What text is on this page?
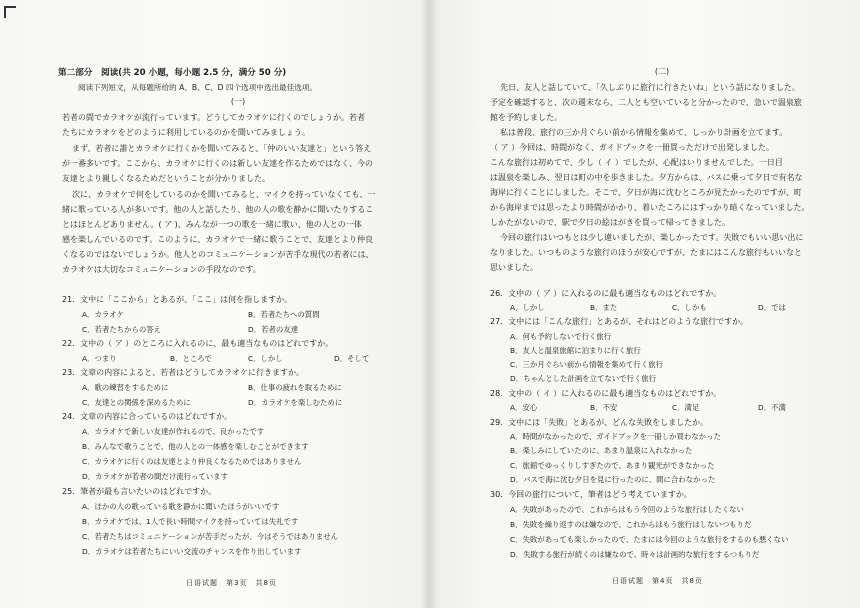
第二部分　阅读(共 20 小题，每小题 2.5 分，满分 50 分)
阅读下列短文，从每题所给的 A、B、C、D 四个选项中选出最佳选项。
(一)
若者の間でカラオケが流行っています。どうしてカラオケに行くのでしょうか。若者
たちにカラオケをどのように利用しているのかを聞いてみましょう。
まず、若者に誰とカラオケに行くかを聞いてみると、「仲のいい友達と」という答え
が一番多いです。ここから、カラオケに行くのは新しい友達を作るためではなく、今の
友達とより親しくなるためだということが分かりました。
次に、カラオケで何をしているのかを聞いてみると、マイクを持っていなくても、一
緒に歌っている人が多いです。他の人と話したり、他の人の歌を静かに聞いたりするこ
とはほとんどありません。( ア )、みんなが一つの歌を一緒に歌い、他の人との一体
感を楽しんでいるのです。このように、カラオケで一緒に歌うことで、友達とより仲良
くなるのではないでしょうか。他人とのコミュニケーションが苦手な現代の若者には、
カラオケは大切なコミュニケーションの手段なのです。
21．文中に「ここから」とあるが、「ここ」は何を指しますか。
A．カラオケ	B．若者たちへの質問
C．若者たちからの答え	D．若者の友達
22．文中の（ ア ）のところに入れるのに、最も適当なものはどれですか。
A．つまり	B．ところで	C．しかし	D．そして
23．文章の内容によると、若者はどうしてカラオケに行きますか。
A．歌の練習をするために	B．仕事の疲れを取るために
C．友達との関係を深めるために	D．カラオケを楽しむために
24．文章の内容に合っているのはどれですか。
A．カラオケで新しい友達が作れるので、良かったです
B．みんなで歌うことで、他の人との一体感を楽しむことができます
C．カラオケに行くのは友達とより仲良くなるためではありません
D．カラオケが若者の間だけ流行っています
25．筆者が最も言いたいのはどれですか。
A．ほかの人の歌っている歌を静かに聞いたほうがいいです
B．カラオケでは、1人で長い時間マイクを持っていては失礼です
C．若者たちはコミュニケーションが苦手だったが、今はそうではありません
D．カラオケは若者たちにいい交流のチャンスを作り出しています
日语试题　第3页　共8页
(二)
先日、友人と話していて、「久しぶりに旅行に行きたいね」という話になりました。
予定を確認すると、次の週末なら、二人とも空いていると分かったので、急いで温泉旅
館を予約しました。
私は普段、旅行の三か月ぐらい前から情報を集めて、しっかり計画を立てます。
（ ア ）今回は、時間がなく、ガイドブックを一冊買っただけで出発しました。
こんな旅行は初めてで、少し（ イ ）でしたが、心配はいりませんでした。一日目
は温泉を楽しみ、翌日は町の中を歩きました。夕方からは、バスに乗って夕日で有名な
海岸に行くことにしました。そこで、夕日が海に沈むところが見たかったのですが、町
から海岸までは思ったより時間がかかり、着いたころにはすっかり暗くなっていました。
しかたがないので、駅で夕日の絵はがきを買って帰ってきました。
今回の旅行はいつもとは少し違いましたが、楽しかったです。失敗でもいい思い出に
なりました。いつものような旅行のほうが安心ですが、たまにはこんな旅行もいいなと
思いました。
26．文中の（ ア ）に入れるのに最も適当なものはどれですか。
A．しかし	B．また	C．しかも	D．では
27．文中には「こんな旅行」とあるが、それはどのような旅行ですか。
A．何も予約しないで行く旅行
B．友人と温泉旅館に泊まりに行く旅行
C．三か月ぐらい前から情報を集めて行く旅行
D．ちゃんとした計画を立てないで行く旅行
28．文中の（ イ ）に入れるのに最も適当なものはどれですか。
A．安心	B．不安	C．満足	D．不満
29．文中には「失敗」とあるが、どんな失敗をしましたか。
A．時間がなかったので、ガイドブックを一冊しか買わなかった
B．楽しみにしていたのに、あまり温泉に入れなかった
C．旅館でゆっくりしすぎたので、あまり観光ができなかった
D．バスで海に沈む夕日を見に行ったのに、間に合わなかった
30．今回の旅行について、筆者はどう考えていますか。
A．失敗があったので、これからはもう今回のような旅行はしたくない
B．失敗を繰り返すのは嫌なので、これからはもう旅行はしないつもりだ
C．失敗があっても楽しかったので、たまには今回のような旅行をするのも悪くない
D．失敗する旅行が続くのは嫌なので、時々は計画的な旅行をするつもりだ
日语试题　第4页　共8页
